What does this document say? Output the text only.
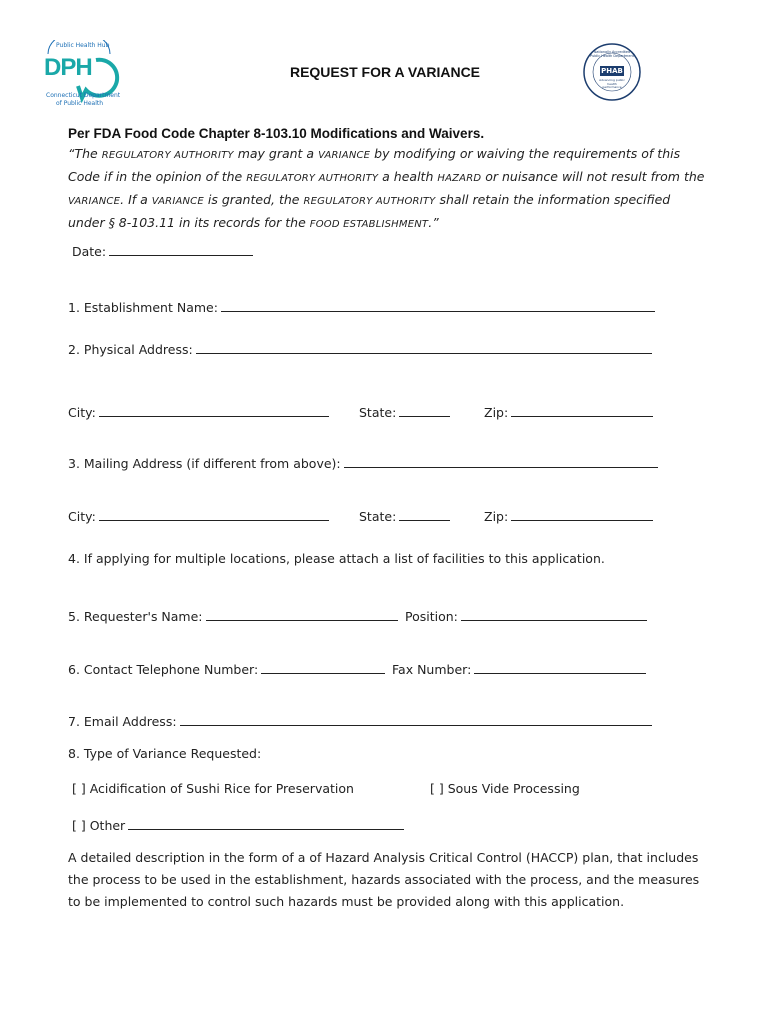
Public Health Hub
DPH
Connecticut Department
of Public Health
PHAB
Nationally Accredited Public Health Department
Advancing public health performance
REQUEST FOR A VARIANCE
Per FDA Food Code Chapter 8-103.10 Modifications and Waivers.
“The REGULATORY AUTHORITY may grant a VARIANCE by modifying or waiving the requirements of this Code if in the opinion of the REGULATORY AUTHORITY a health HAZARD or nuisance will not result from the VARIANCE. If a VARIANCE is granted, the REGULATORY AUTHORITY shall retain the information specified under § 8-103.11 in its records for the FOOD ESTABLISHMENT.”
Date:
1. Establishment Name:
2. Physical Address:
City:	State:	Zip:
3. Mailing Address (if different from above):
City:	State:	Zip:
4. If applying for multiple locations, please attach a list of facilities to this application.
5. Requester's Name:	Position:
6. Contact Telephone Number:	Fax Number:
7. Email Address:
8. Type of Variance Requested:
[ ] Acidification of Sushi Rice for Preservation	[ ] Sous Vide Processing
[ ] Other
A detailed description in the form of a of Hazard Analysis Critical Control (HACCP) plan, that includes the process to be used in the establishment, hazards associated with the process, and the measures to be implemented to control such hazards must be provided along with this application.
